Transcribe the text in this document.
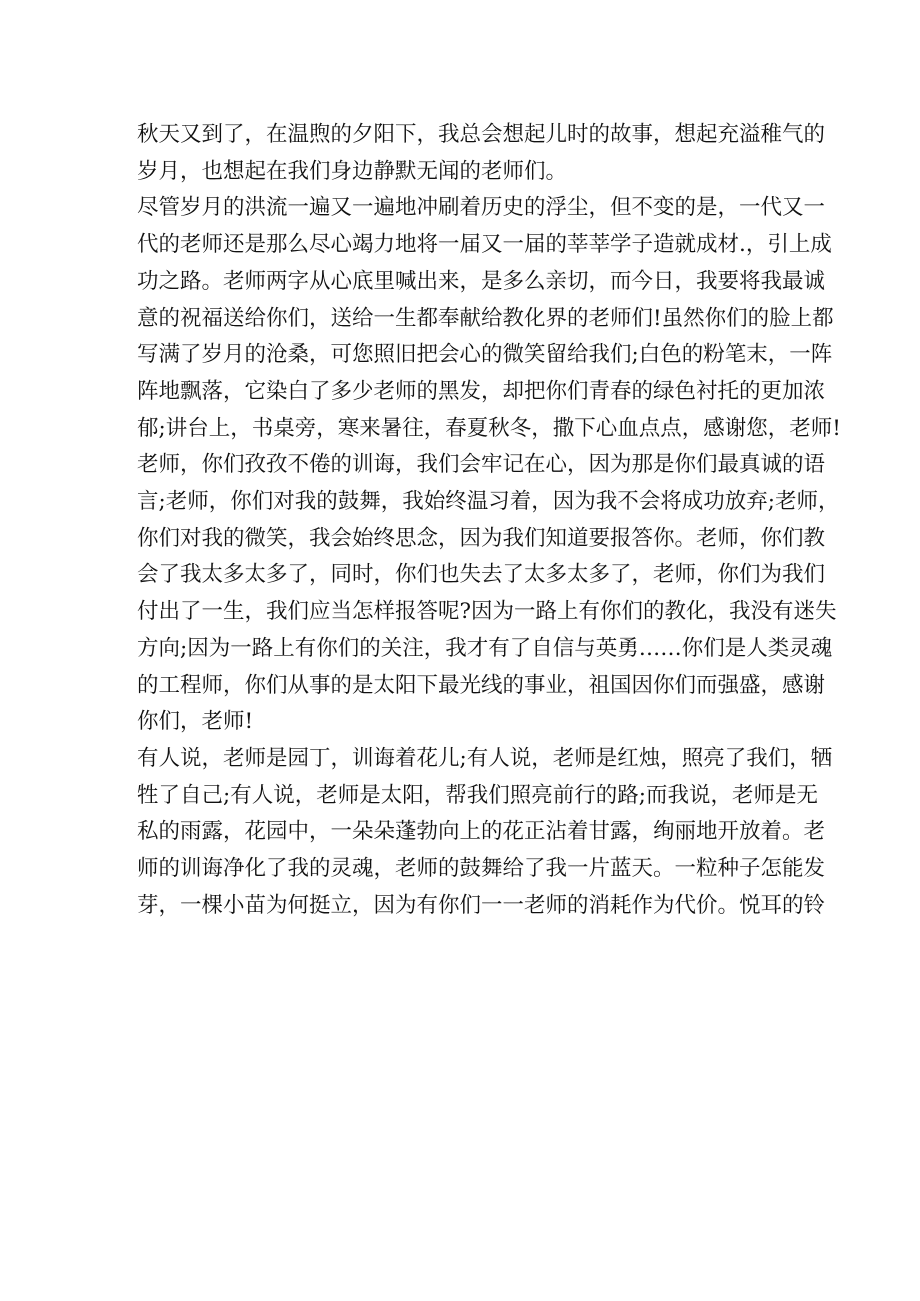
秋天又到了，在温煦的夕阳下，我总会想起儿时的故事，想起充溢稚气的
岁月，也想起在我们身边静默无闻的老师们。

尽管岁月的洪流一遍又一遍地冲刷着历史的浮尘，但不变的是，一代又一
代的老师还是那么尽心竭力地将一届又一届的莘莘学子造就成材.，引上成
功之路。老师两字从心底里喊出来，是多么亲切，而今日，我要将我最诚
意的祝福送给你们，送给一生都奉献给教化界的老师们!虽然你们的脸上都
写满了岁月的沧桑，可您照旧把会心的微笑留给我们;白色的粉笔末，一阵
阵地飘落，它染白了多少老师的黑发，却把你们青春的绿色衬托的更加浓
郁;讲台上，书桌旁，寒来暑往，春夏秋冬，撒下心血点点，感谢您，老师!
老师，你们孜孜不倦的训诲，我们会牢记在心，因为那是你们最真诚的语
言;老师，你们对我的鼓舞，我始终温习着，因为我不会将成功放弃;老师，
你们对我的微笑，我会始终思念，因为我们知道要报答你。老师，你们教
会了我太多太多了，同时，你们也失去了太多太多了，老师，你们为我们
付出了一生，我们应当怎样报答呢?因为一路上有你们的教化，我没有迷失
方向;因为一路上有你们的关注，我才有了自信与英勇……你们是人类灵魂
的工程师，你们从事的是太阳下最光线的事业，祖国因你们而强盛，感谢
你们，老师!

有人说，老师是园丁，训诲着花儿;有人说，老师是红烛，照亮了我们，牺
牲了自己;有人说，老师是太阳，帮我们照亮前行的路;而我说，老师是无
私的雨露，花园中，一朵朵蓬勃向上的花正沾着甘露，绚丽地开放着。老
师的训诲净化了我的灵魂，老师的鼓舞给了我一片蓝天。一粒种子怎能发
芽，一棵小苗为何挺立，因为有你们一一老师的消耗作为代价。悦耳的铃
